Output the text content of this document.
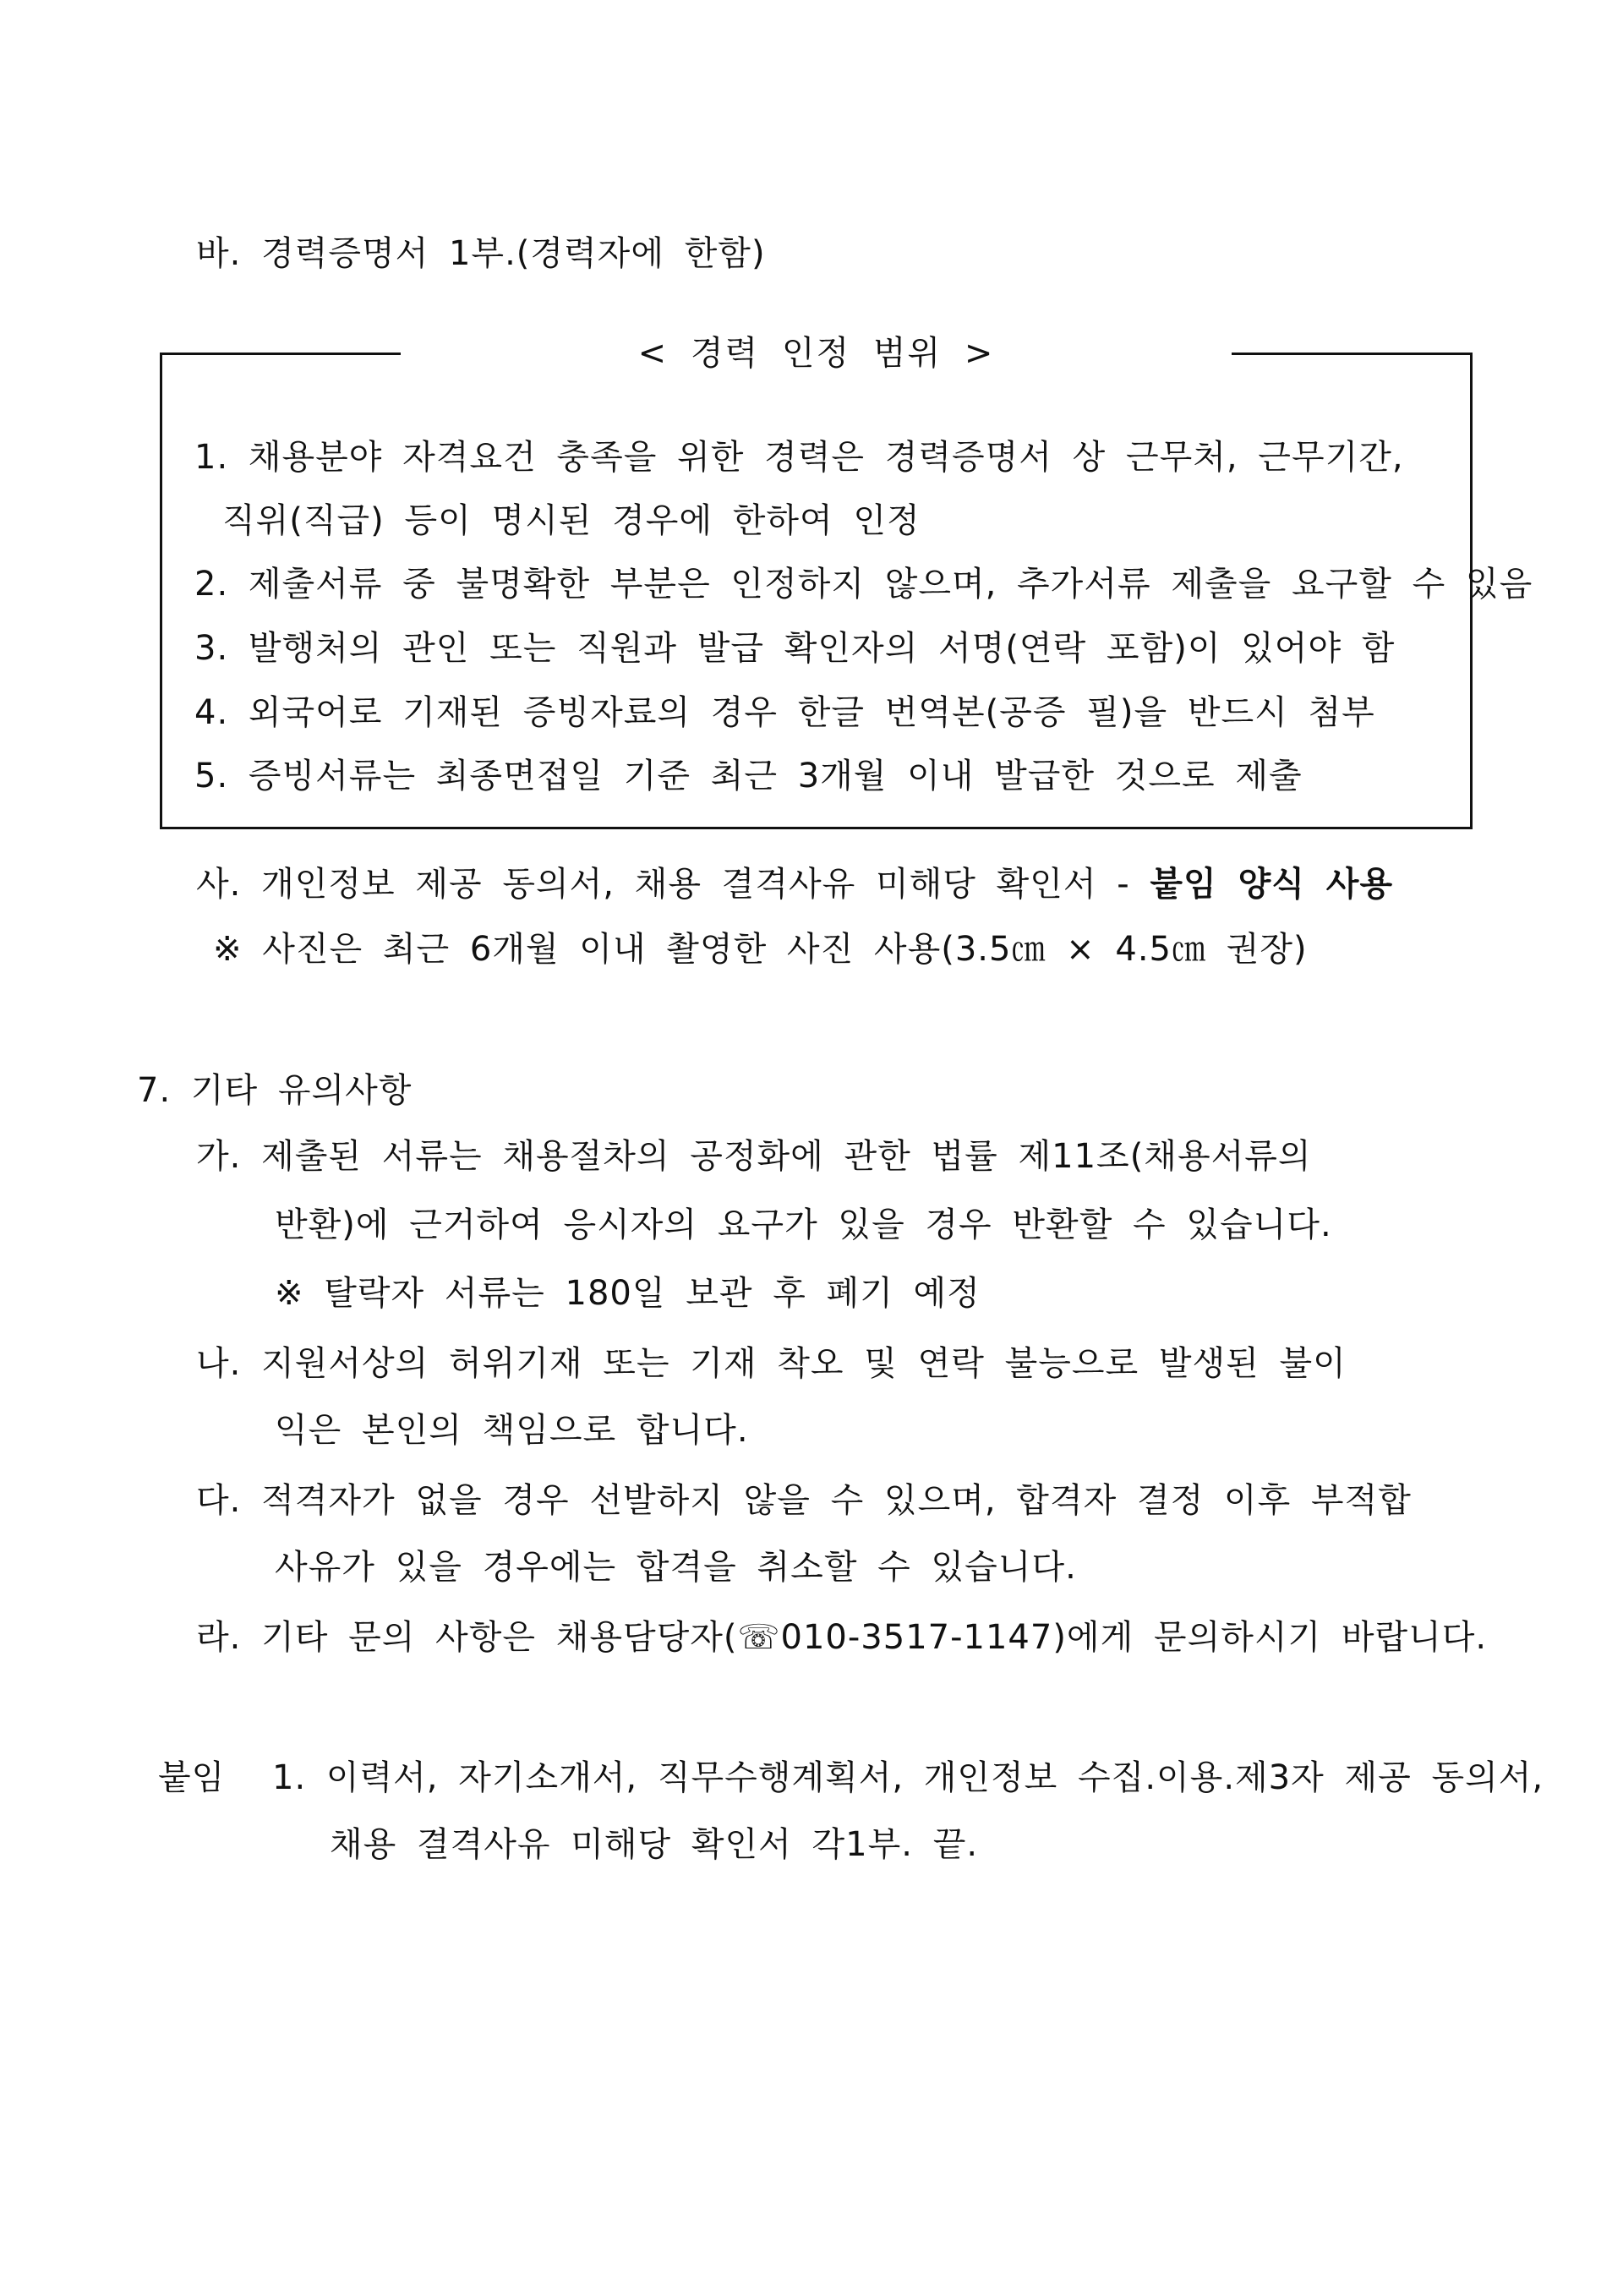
바. 경력증명서 1부.(경력자에 한함)
< 경력 인정 범위 >
1. 채용분야 자격요건 충족을 위한 경력은 경력증명서 상 근무처, 근무기간,
직위(직급) 등이 명시된 경우에 한하여 인정
2. 제출서류 중 불명확한 부분은 인정하지 않으며, 추가서류 제출을 요구할 수 있음
3. 발행처의 관인 또는 직원과 발급 확인자의 서명(연락 포함)이 있어야 함
4. 외국어로 기재된 증빙자료의 경우 한글 번역본(공증 필)을 반드시 첨부
5. 증빙서류는 최종면접일 기준 최근 3개월 이내 발급한 것으로 제출
사. 개인정보 제공 동의서, 채용 결격사유 미해당 확인서 - 붙임 양식 사용
※ 사진은 최근 6개월 이내 촬영한 사진 사용(3.5㎝ × 4.5㎝ 권장)
7. 기타 유의사항
가. 제출된 서류는 채용절차의 공정화에 관한 법률 제11조(채용서류의
반환)에 근거하여 응시자의 요구가 있을 경우 반환할 수 있습니다.
※ 탈락자 서류는 180일 보관 후 폐기 예정
나. 지원서상의 허위기재 또는 기재 착오 및 연락 불능으로 발생된 불이
익은 본인의 책임으로 합니다.
다. 적격자가 없을 경우 선발하지 않을 수 있으며, 합격자 결정 이후 부적합
사유가 있을 경우에는 합격을 취소할 수 있습니다.
라. 기타 문의 사항은 채용담당자(☏010-3517-1147)에게 문의하시기 바랍니다.
붙임 1. 이력서, 자기소개서, 직무수행계획서, 개인정보 수집.이용.제3자 제공 동의서,
채용 결격사유 미해당 확인서 각1부. 끝.
